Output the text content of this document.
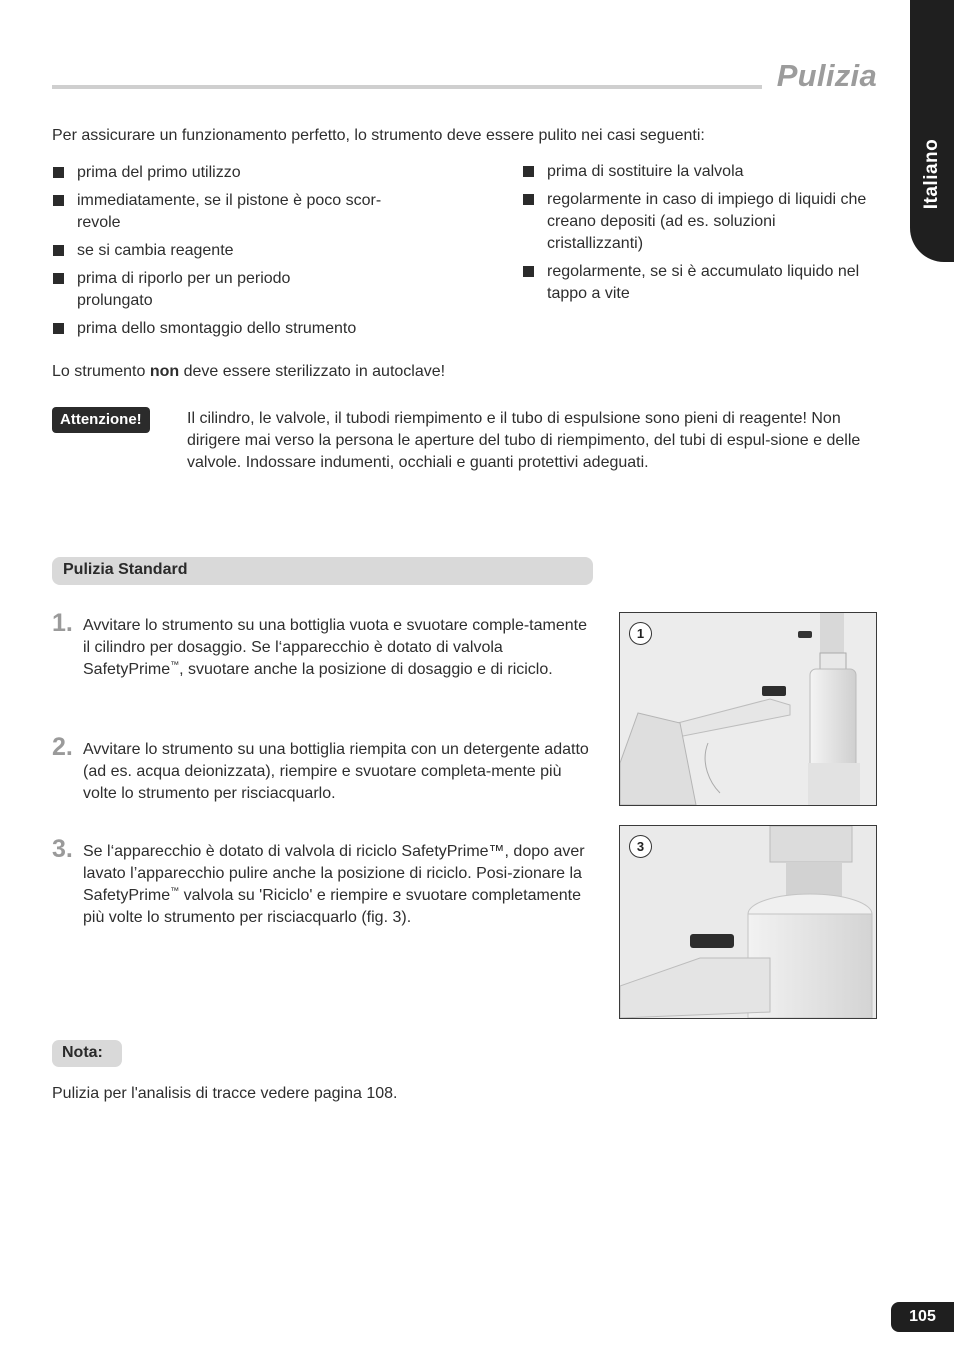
Pulizia
Italiano
Per assicurare un funzionamento perfetto, lo strumento deve essere pulito nei casi seguenti:
prima del primo utilizzo
immediatamente, se il pistone è poco scor-revole
se si cambia reagente
prima di riporlo per un periodo prolungato
prima dello smontaggio dello strumento
prima di sostituire la valvola
regolarmente in caso di impiego di liquidi che creano depositi (ad es. soluzioni cristallizzanti)
regolarmente, se si è accumulato liquido nel tappo a vite
Lo strumento non deve essere sterilizzato in autoclave!
Attenzione!	Il cilindro, le valvole, il tubodi riempimento e il tubo di espulsione sono pieni di reagente! Non dirigere mai verso la persona le aperture del tubo di riempimento, del tubi di espul-sione e delle valvole. Indossare indumenti, occhiali e guanti protettivi adeguati.
Pulizia Standard
1. Avvitare lo strumento su una bottiglia vuota e svuotare comple-tamente il cilindro per dosaggio. Se l‘apparecchio è dotato di valvola SafetyPrime™, svuotare anche la posizione di dosaggio e di riciclo.
2. Avvitare lo strumento su una bottiglia riempita con un detergente adatto (ad es. acqua deionizzata), riempire e svuotare completa-mente più volte lo strumento per risciacquarlo.
3. Se l‘apparecchio è dotato di valvola di riciclo SafetyPrime™, dopo aver lavato l’apparecchio pulire anche la posizione di riciclo. Posi-zionare la SafetyPrime™ valvola su 'Riciclo' e riempire e svuotare completamente più volte lo strumento per risciacquarlo (fig. 3).
1
3
Nota:
Pulizia per l'analisis di tracce vedere pagina 108.
105
